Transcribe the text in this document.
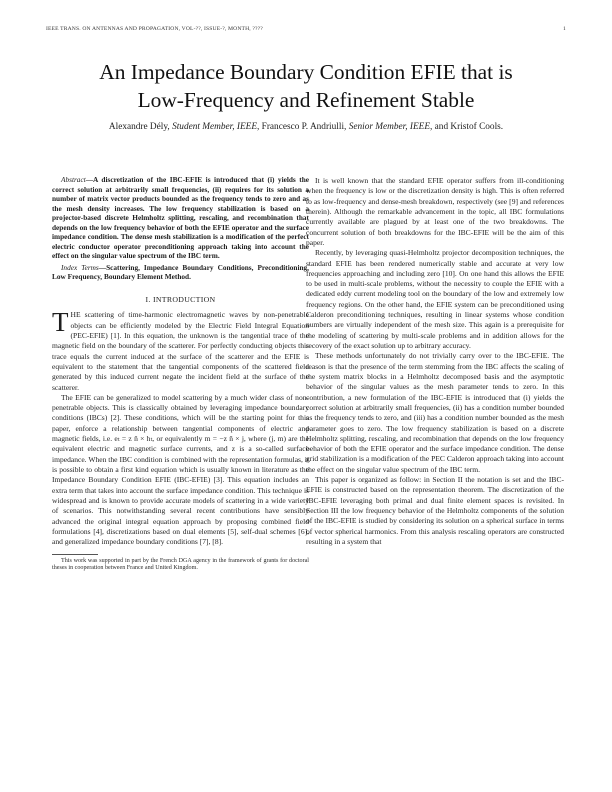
IEEE TRANS. ON ANTENNAS AND PROPAGATION, VOL-??, ISSUE-?, MONTH, ????	1
An Impedance Boundary Condition EFIE that is
Low-Frequency and Refinement Stable
Alexandre Dély, Student Member, IEEE, Francesco P. Andriulli, Senior Member, IEEE, and Kristof Cools.

Abstract—A discretization of the IBC-EFIE is introduced that (i) yields the correct solution at arbitrarily small frequencies, (ii) requires for its solution a number of matrix vector products bounded as the frequency tends to zero and as the mesh density increases. The low frequency stabilization is based on a projector-based discrete Helmholtz splitting, rescaling, and recombination that depends on the low frequency behavior of both the EFIE operator and the surface impedance condition. The dense mesh stabilization is a modification of the perfect electric conductor operator preconditioning approach taking into account the effect on the singular value spectrum of the IBC term.

Index Terms—Scattering, Impedance Boundary Conditions, Preconditioning, Low Frequency, Boundary Element Method.

I. INTRODUCTION

THE scattering of time-harmonic electromagnetic waves by non-penetrable objects can be efficiently modeled by the Electric Field Integral Equation (PEC-EFIE) [1]. In this equation, the unknown is the tangential trace of the magnetic field on the boundary of the scatterer. For perfectly conducting objects this trace equals the current induced at the surface of the scatterer and the EFIE is equivalent to the statement that the tangential components of the scattered field generated by this induced current negate the incident field at the surface of the scatterer.

The EFIE can be generalized to model scattering by a much wider class of non-penetrable objects. This is classically obtained by leveraging impedance boundary conditions (IBCs) [2]. These conditions, which will be the starting point for this paper, enforce a relationship between tangential components of electric and magnetic fields, i.e. eₜ = z n̂ × hₜ, or equivalently m = −z n̂ × j, where (j, m) are the equivalent electric and magnetic surface currents, and z is a so-called surface impedance. When the IBC condition is combined with the representation formulas, it is possible to obtain a first kind equation which is usually known in literature as the Impedance Boundary Condition EFIE (IBC-EFIE) [3]. This equation includes an extra term that takes into account the surface impedance condition. This technique is widespread and is known to provide accurate models of scattering in a wide variety of scenarios. This notwithstanding several recent contributions have sensibly advanced the original integral equation approach by proposing combined field formulations [4], discretizations based on dual elements [5], self-dual schemes [6], and generalized impedance boundary conditions [7], [8].

This work was supported in part by the French DGA agency in the framework of grants for doctoral theses in cooperation between France and United Kingdom.

It is well known that the standard EFIE operator suffers from ill-conditioning when the frequency is low or the discretization density is high. This is often referred to as low-frequency and dense-mesh breakdown, respectively (see [9] and references therein). Although the remarkable advancement in the topic, all IBC formulations currently available are plagued by at least one of the two breakdowns. The concurrent solution of both breakdowns for the IBC-EFIE will be the aim of this paper.

Recently, by leveraging quasi-Helmholtz projector decomposition techniques, the standard EFIE has been rendered numerically stable and accurate at very low frequencies approaching and including zero [10]. On one hand this allows the EFIE to be used in multi-scale problems, without the necessity to couple the EFIE with a dedicated eddy current modeling tool on the boundary of the low and extremely low frequency regions. On the other hand, the EFIE system can be preconditioned using Calderon preconditioning techniques, resulting in linear systems whose condition numbers are virtually independent of the mesh size. This again is a prerequisite for the modeling of scattering by multi-scale problems and in addition allows for the recovery of the exact solution up to arbitrary accuracy.

These methods unfortunately do not trivially carry over to the IBC-EFIE. The reason is that the presence of the term stemming from the IBC affects the scaling of the system matrix blocks in a Helmholtz decomposed basis and the asymptotic behavior of the singular values as the mesh parameter tends to zero. In this contribution, a new formulation of the IBC-EFIE is introduced that (i) yields the correct solution at arbitrarily small frequencies, (ii) has a condition number bounded as the frequency tends to zero, and (iii) has a condition number bounded as the mesh parameter goes to zero. The low frequency stabilization is based on a discrete Helmholtz splitting, rescaling, and recombination that depends on the low frequency behavior of both the EFIE operator and the surface impedance condition. The dense grid stabilization is a modification of the PEC Calderon approach taking into account the effect on the singular value spectrum of the IBC term.

This paper is organized as follow: in Section II the notation is set and the IBC-EFIE is constructed based on the representation theorem. The discretization of the IBC-EFIE leveraging both primal and dual finite element spaces is revisited. In Section III the low frequency behavior of the Helmholtz components of the solution of the IBC-EFIE is studied by considering its solution on a spherical surface in terms of vector spherical harmonics. From this analysis rescaling operators are constructed resulting in a system that
